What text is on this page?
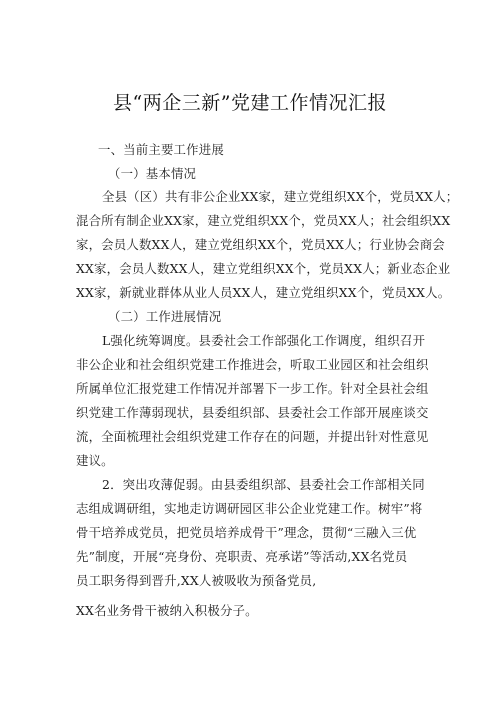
县“两企三新”党建工作情况汇报
一、当前主要工作进展
（一）基本情况
全县（区）共有非公企业XX家，建立党组织XX个，党员XX人；
混合所有制企业XX家，建立党组织XX个，党员XX人；社会组织XX
家，会员人数XX人，建立党组织XX个，党员XX人；行业协会商会
XX家，会员人数XX人，建立党组织XX个，党员XX人；新业态企业
XX家，新就业群体从业人员XX人，建立党组织XX个，党员XX人。
（二）工作进展情况
L强化统筹调度。县委社会工作部强化工作调度，组织召开
非公企业和社会组织党建工作推进会，听取工业园区和社会组织
所属单位汇报党建工作情况并部署下一步工作。针对全县社会组
织党建工作薄弱现状，县委组织部、县委社会工作部开展座谈交
流，全面梳理社会组织党建工作存在的问题，并提出针对性意见
建议。
2．突出攻薄促弱。由县委组织部、县委社会工作部相关同
志组成调研组，实地走访调研园区非公企业党建工作。树牢”将
骨干培养成党员，把党员培养成骨干”理念，贯彻“三融入三优
先”制度，开展“亮身份、亮职责、亮承诺”等活动,XX名党员
员工职务得到晋升,XX人被吸收为预备党员,
XX名业务骨干被纳入积极分子。
